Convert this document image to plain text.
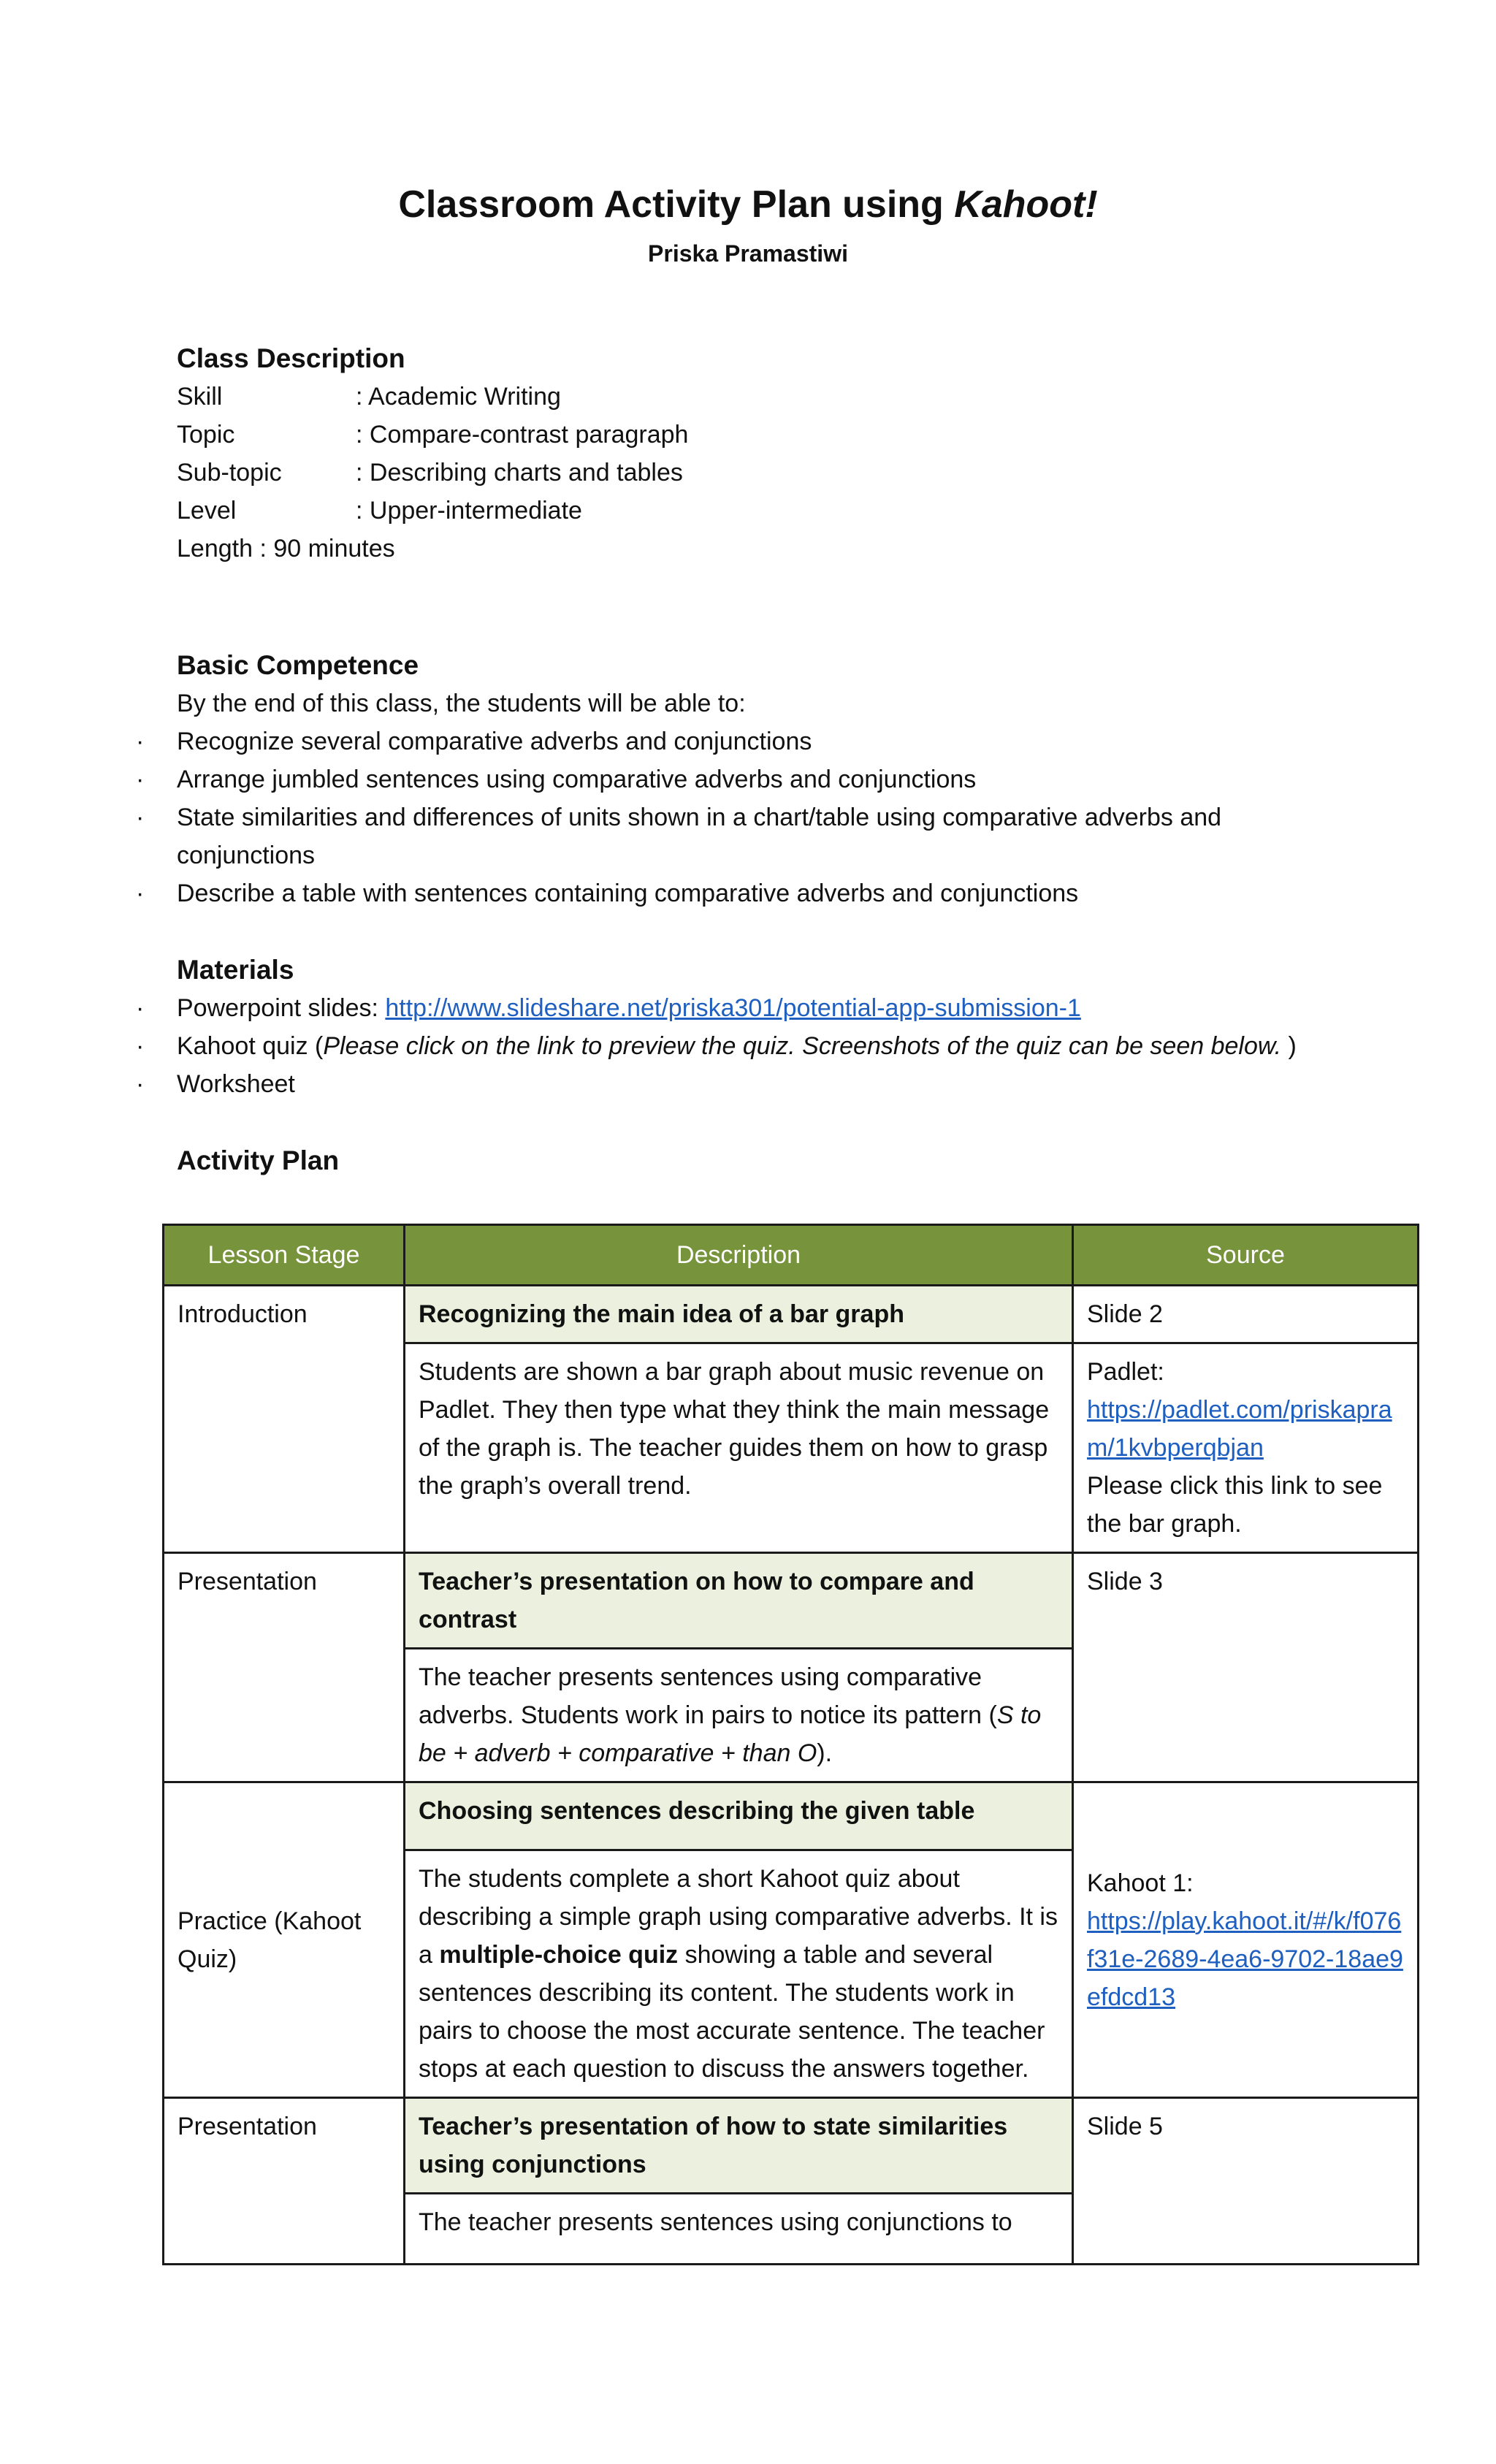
Classroom Activity Plan using Kahoot!
Priska Pramastiwi
Class Description
Skill	: Academic Writing
Topic	: Compare-contrast paragraph
Sub-topic	: Describing charts and tables
Level	: Upper-intermediate
Length : 90 minutes
Basic Competence
By the end of this class, the students will be able to:
· Recognize several comparative adverbs and conjunctions
· Arrange jumbled sentences using comparative adverbs and conjunctions
· State similarities and differences of units shown in a chart/table using comparative adverbs and
conjunctions
· Describe a table with sentences containing comparative adverbs and conjunctions
Materials
· Powerpoint slides: http://www.slideshare.net/priska301/potential-app-submission-1
· Kahoot quiz (Please click on the link to preview the quiz. Screenshots of the quiz can be seen below. )
· Worksheet
Activity Plan
Lesson Stage	Description	Source
Introduction	Recognizing the main idea of a bar graph	Slide 2
	Students are shown a bar graph about music revenue on Padlet. They then type what they think the main message of the graph is. The teacher guides them on how to grasp the graph’s overall trend.	Padlet:
https://padlet.com/priskapram/1kvbperqbjan
Please click this link to see the bar graph.

Presentation	Teacher’s presentation on how to compare and contrast	Slide 3
	The teacher presents sentences using comparative adverbs. Students work in pairs to notice its pattern (S to be + adverb + comparative + than O).	
Practice (Kahoot Quiz)	Choosing sentences describing the given table	Kahoot 1:
https://play.kahoot.it/#/k/f076f31e-2689-4ea6-9702-18ae9efdcd13

	The students complete a short Kahoot quiz about describing a simple graph using comparative adverbs. It is a multiple-choice quiz showing a table and several sentences describing its content. The students work in pairs to choose the most accurate sentence. The teacher stops at each question to discuss the answers together.	
Presentation	Teacher’s presentation of how to state similarities using conjunctions	Slide 5
	The teacher presents sentences using conjunctions to	
